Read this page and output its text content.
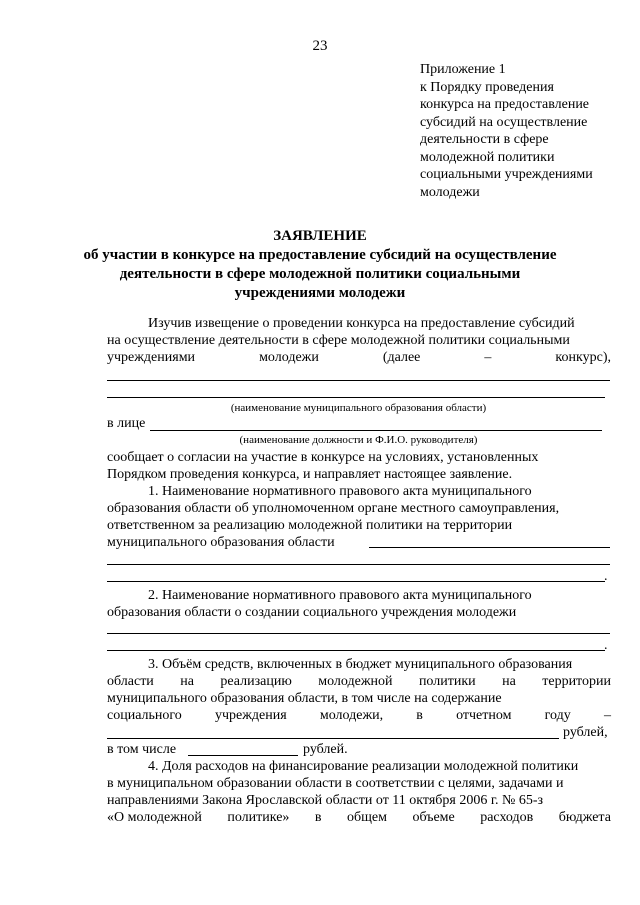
23
Приложение 1
к Порядку проведения
конкурса на предоставление
субсидий на осуществление
деятельности в сфере
молодежной политики
социальными учреждениями
молодежи
ЗАЯВЛЕНИЕ
об участии в конкурсе на предоставление субсидий на осуществление
деятельности в сфере молодежной политики социальными
учреждениями молодежи
Изучив извещение о проведении конкурса на предоставление субсидий
на осуществление деятельности в сфере молодежной политики социальными
учреждениями	молодежи	(далее	–	конкурс),
(наименование муниципального образования области)
в лице
(наименование должности и Ф.И.О. руководителя)
сообщает о согласии на участие в конкурсе на условиях, установленных
Порядком проведения конкурса, и направляет настоящее заявление.
1. Наименование нормативного правового акта муниципального
образования области об уполномоченном органе местного самоуправления,
ответственном за реализацию молодежной политики на территории
муниципального образования области
.
2. Наименование нормативного правового акта муниципального
образования области о создании социального учреждения молодежи
.
3. Объём средств, включенных в бюджет муниципального образования
области на реализацию молодежной политики на территории
муниципального образования области, в том числе на содержание
социального учреждения молодежи, в отчетном году –
рублей,
в том числе	рублей.
4. Доля расходов на финансирование реализации молодежной политики
в муниципальном образовании области в соответствии с целями, задачами и
направлениями Закона Ярославской области от 11 октября 2006 г. № 65-з
«О молодежной политике» в общем объеме расходов бюджета
